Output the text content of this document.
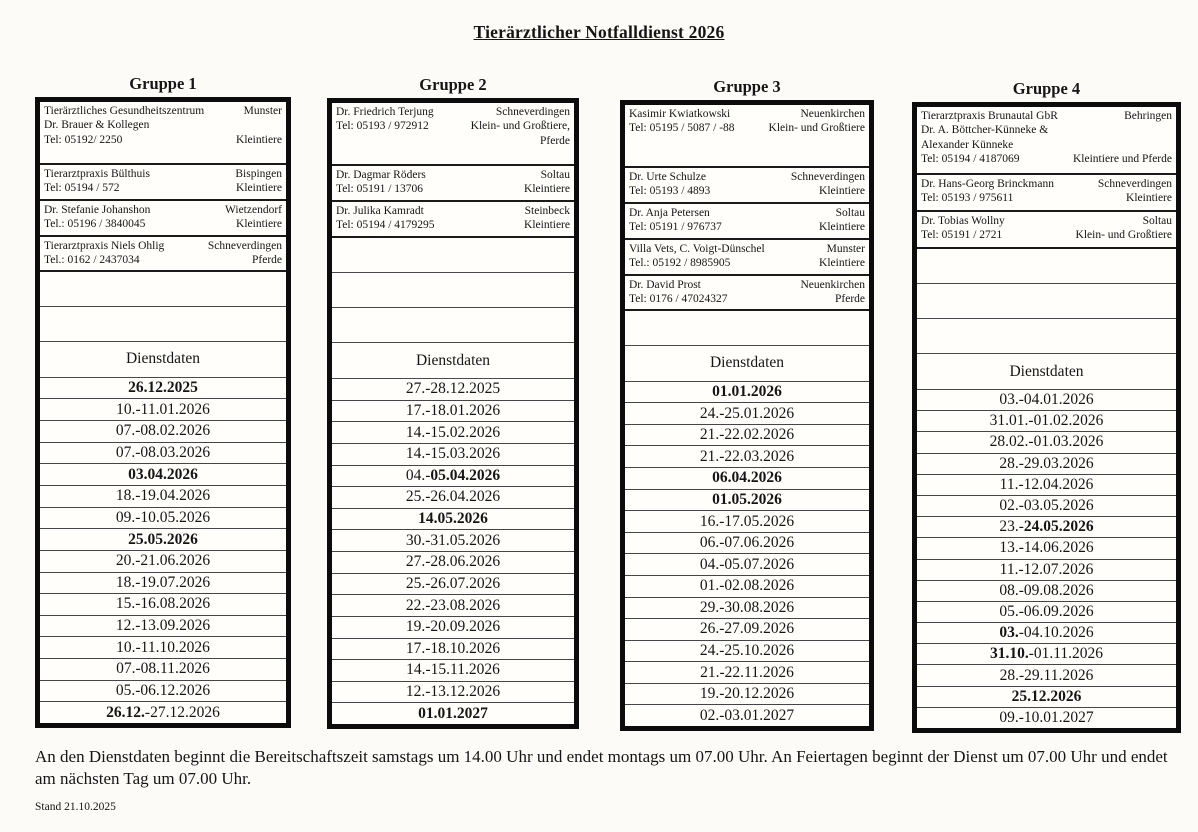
Tierärztlicher Notfalldienst 2026
Gruppe 1
Tierärztliches Gesundheitszentrum	Munster
Dr. Brauer & Kollegen
Tel: 05192/ 2250	Kleintiere
Tierarztpraxis Bülthuis	Bispingen
Tel: 05194 / 572	Kleintiere
Dr. Stefanie Johanshon	Wietzendorf
Tel.: 05196 / 3840045	Kleintiere
Tierarztpraxis Niels Ohlig	Schneverdingen
Tel.: 0162 / 2437034	Pferde
Dienstdaten
26.12.2025
10.-11.01.2026
07.-08.02.2026
07.-08.03.2026
03.04.2026
18.-19.04.2026
09.-10.05.2026
25.05.2026
20.-21.06.2026
18.-19.07.2026
15.-16.08.2026
12.-13.09.2026
10.-11.10.2026
07.-08.11.2026
05.-06.12.2026
26.12. -27.12.2026
Gruppe 2
Dr. Friedrich Terjung	Schneverdingen
Tel: 05193 / 972912	Klein- und Großtiere,
Pferde
Dr. Dagmar Röders	Soltau
Tel: 05191 / 13706	Kleintiere
Dr. Julika Kamradt	Steinbeck
Tel: 05194 / 4179295	Kleintiere
Dienstdaten
27.-28.12.2025
17.-18.01.2026
14.-15.02.2026
14.-15.03.2026
04.- 05.04.2026
25.-26.04.2026
14.05.2026
30.-31.05.2026
27.-28.06.2026
25.-26.07.2026
22.-23.08.2026
19.-20.09.2026
17.-18.10.2026
14.-15.11.2026
12.-13.12.2026
01.01.2027
Gruppe 3
Kasimir Kwiatkowski	Neuenkirchen
Tel: 05195 / 5087 / -88	Klein- und Großtiere
Dr. Urte Schulze	Schneverdingen
Tel: 05193 / 4893	Kleintiere
Dr. Anja Petersen	Soltau
Tel: 05191 / 976737	Kleintiere
Villa Vets, C. Voigt-Dünschel	Munster
Tel.: 05192 / 8985905	Kleintiere
Dr. David Prost	Neuenkirchen
Tel: 0176 / 47024327	Pferde
Dienstdaten
01.01.2026
24.-25.01.2026
21.-22.02.2026
21.-22.03.2026
06.04.2026
01.05.2026
16.-17.05.2026
06.-07.06.2026
04.-05.07.2026
01.-02.08.2026
29.-30.08.2026
26.-27.09.2026
24.-25.10.2026
21.-22.11.2026
19.-20.12.2026
02.-03.01.2027
Gruppe 4
Tierarztpraxis Brunautal GbR	Behringen
Dr. A. Böttcher-Künneke &
Alexander Künneke
Tel: 05194 / 4187069	Kleintiere und Pferde
Dr. Hans-Georg Brinckmann	Schneverdingen
Tel: 05193 / 975611	Kleintiere
Dr. Tobias Wollny	Soltau
Tel: 05191 / 2721	Klein- und Großtiere
Dienstdaten
03.-04.01.2026
31.01.-01.02.2026
28.02.-01.03.2026
28.-29.03.2026
11.-12.04.2026
02.-03.05.2026
23.- 24.05.2026
13.-14.06.2026
11.-12.07.2026
08.-09.08.2026
05.-06.09.2026
03. -04.10.2026
31.10. -01.11.2026
28.-29.11.2026
25.12.2026
09.-10.01.2027
An den Dienstdaten beginnt die Bereitschaftszeit samstags um 14.00 Uhr und endet montags um 07.00 Uhr. An Feiertagen beginnt der Dienst um 07.00 Uhr und endet am nächsten Tag um 07.00 Uhr.
Stand 21.10.2025
